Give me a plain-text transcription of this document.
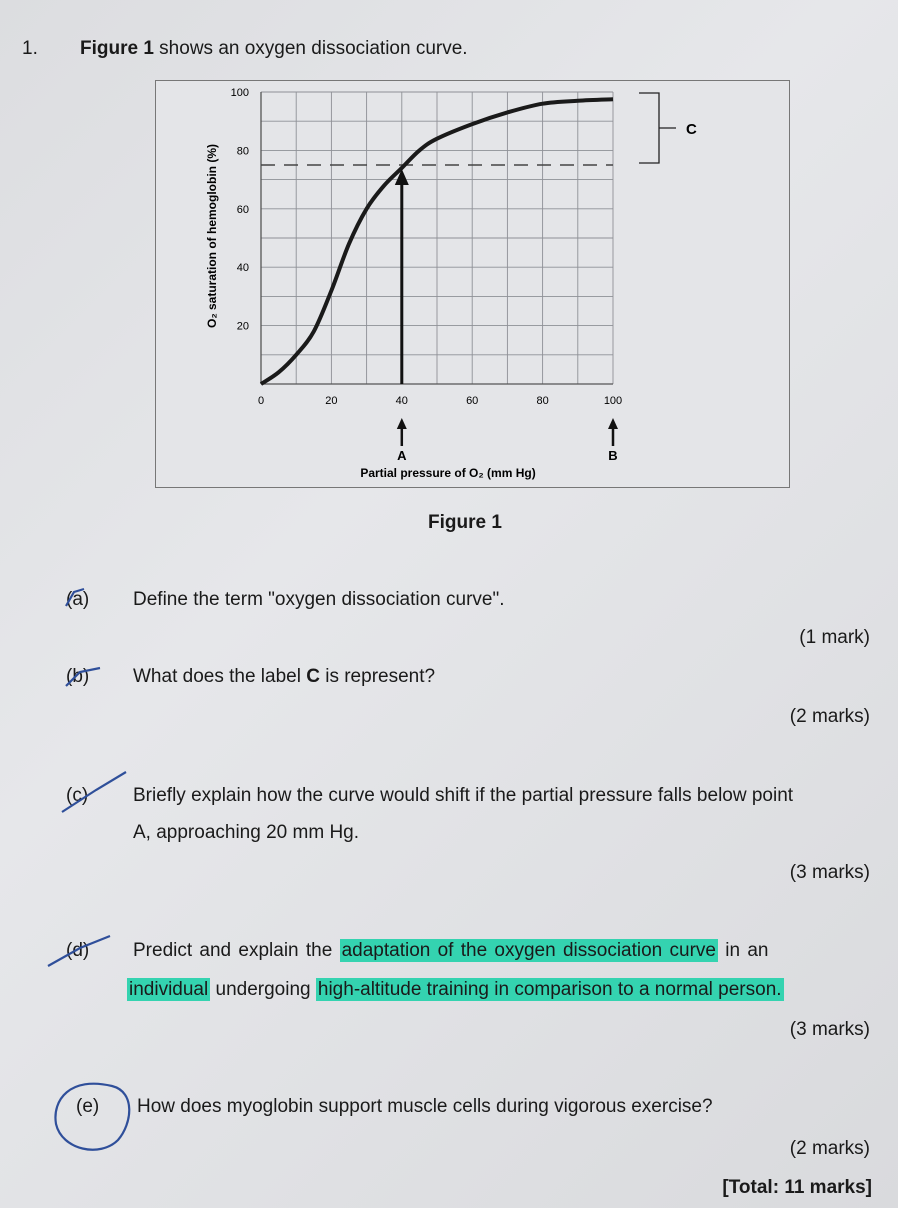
1. Figure 1 shows an oxygen dissociation curve.
20
40
60
80
100
0	20	40	60	80	100
A	B
C
Partial pressure of O₂ (mm Hg)
O₂ saturation of hemoglobin (%)
Figure 1
(a) Define the term "oxygen dissociation curve".
(1 mark)
(b) What does the label C is represent?
(2 marks)
(c) Briefly explain how the curve would shift if the partial pressure falls below point
A, approaching 20 mm Hg.
(3 marks)
(d) Predict and explain the adaptation of the oxygen dissociation curve in an
individual undergoing high-altitude training in comparison to a normal person.
(3 marks)
(e) How does myoglobin support muscle cells during vigorous exercise?
(2 marks)
[Total: 11 marks]
